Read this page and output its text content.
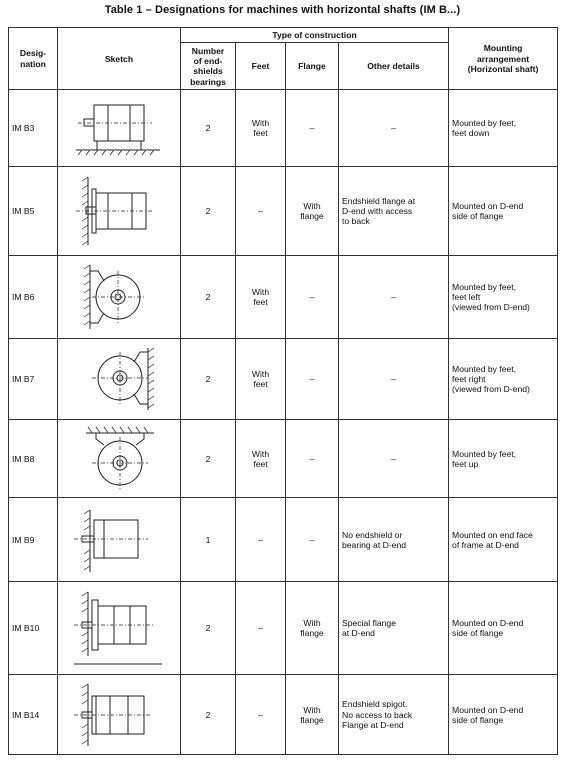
Table 1 – Designations for machines with horizontal shafts (IM B...)
Desig-
nation	Sketch	Type of construction				Mounting
arrangement
(Horizontal shaft)
		Number
of end-
shields
bearings	Feet	Flange	Other details	
IM B3		2	With
feet	–	–	Mounted by feet,
feet down
IM B5		2	–	With
flange	Endshield flange at
D-end with access
to back	Mounted on D-end
side of flange
IM B6		2	With
feet	–	–	Mounted by feet,
feet left
(viewed from D-end)
IM B7		2	With
feet	–	–	Mounted by feet,
feet right
(viewed from D-end)
IM B8		2	With
feet	–	–	Mounted by feet,
feet up
IM B9		1	–	–	No endshield or
bearing at D-end	Mounted on end face
of frame at D-end
IM B10		2	–	With
flange	Special flange
at D-end	Mounted on D-end
side of flange
IM B14		2	–	With
flange	Endshield spigot.
No access to back
Flange at D-end	Mounted on D-end
side of flange
